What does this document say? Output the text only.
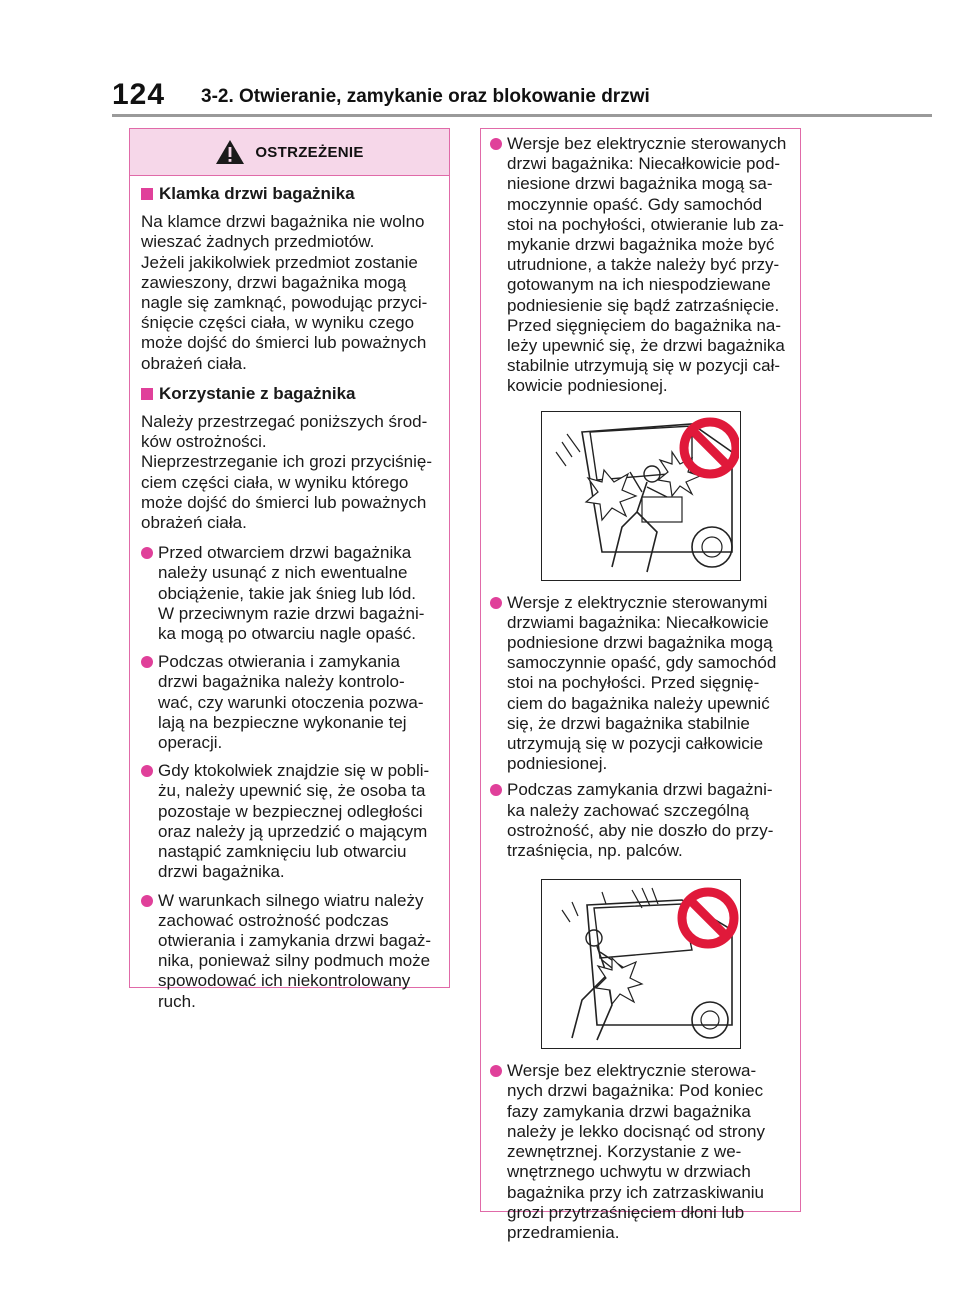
124 3-2. Otwieranie, zamykanie oraz blokowanie drzwi
OSTRZEŻENIE
Klamka drzwi bagażnika
Na klamce drzwi bagażnika nie wolno
wieszać żadnych przedmiotów.
Jeżeli jakikolwiek przedmiot zostanie
zawieszony, drzwi bagażnika mogą
nagle się zamknąć, powodując przyci-
śnięcie części ciała, w wyniku czego
może dojść do śmierci lub poważnych
obrażeń ciała.
Korzystanie z bagażnika
Należy przestrzegać poniższych środ-
ków ostrożności.
Nieprzestrzeganie ich grozi przyciśnię-
ciem części ciała, w wyniku którego
może dojść do śmierci lub poważnych
obrażeń ciała.
Przed otwarciem drzwi bagażnika
należy usunąć z nich ewentualne
obciążenie, takie jak śnieg lub lód.
W przeciwnym razie drzwi bagażni-
ka mogą po otwarciu nagle opaść.
Podczas otwierania i zamykania
drzwi bagażnika należy kontrolo-
wać, czy warunki otoczenia pozwa-
lają na bezpieczne wykonanie tej
operacji.
Gdy ktokolwiek znajdzie się w pobli-
żu, należy upewnić się, że osoba ta
pozostaje w bezpiecznej odległości
oraz należy ją uprzedzić o mającym
nastąpić zamknięciu lub otwarciu
drzwi bagażnika.
W warunkach silnego wiatru należy
zachować ostrożność podczas
otwierania i zamykania drzwi bagaż-
nika, ponieważ silny podmuch może
spowodować ich niekontrolowany
ruch.
Wersje bez elektrycznie sterowanych
drzwi bagażnika: Niecałkowicie pod-
niesione drzwi bagażnika mogą sa-
moczynnie opaść. Gdy samochód
stoi na pochyłości, otwieranie lub za-
mykanie drzwi bagażnika może być
utrudnione, a także należy być przy-
gotowanym na ich niespodziewane
podniesienie się bądź zatrzaśnięcie.
Przed sięgnięciem do bagażnika na-
leży upewnić się, że drzwi bagażnika
stabilnie utrzymują się w pozycji cał-
kowicie podniesionej.
Wersje z elektrycznie sterowanymi
drzwiami bagażnika: Niecałkowicie
podniesione drzwi bagażnika mogą
samoczynnie opaść, gdy samochód
stoi na pochyłości. Przed sięgnię-
ciem do bagażnika należy upewnić
się, że drzwi bagażnika stabilnie
utrzymują się w pozycji całkowicie
podniesionej.
Podczas zamykania drzwi bagażni-
ka należy zachować szczególną
ostrożność, aby nie doszło do przy-
trzaśnięcia, np. palców.
Wersje bez elektrycznie sterowa-
nych drzwi bagażnika: Pod koniec
fazy zamykania drzwi bagażnika
należy je lekko docisnąć od strony
zewnętrznej. Korzystanie z we-
wnętrznego uchwytu w drzwiach
bagażnika przy ich zatrzaskiwaniu
grozi przytrzaśnięciem dłoni lub
przedramienia.
